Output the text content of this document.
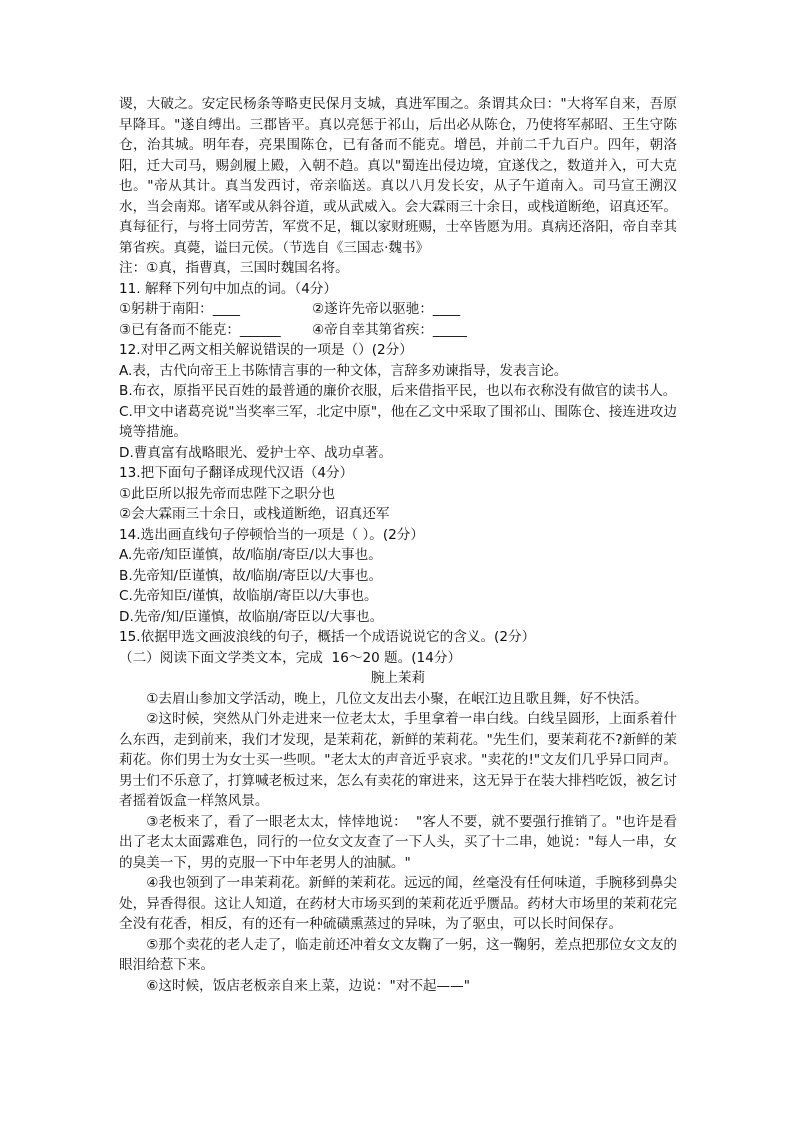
谡，大破之。安定民杨条等略吏民保月支城，真进军围之。条谓其众曰："大将军自来，吾原早降耳。"遂自缚出。三郡皆平。真以亮惩于祁山，后出必从陈仓，乃使将军郝昭、王生守陈仓，治其城。明年春，亮果围陈仓，已有备而不能克。增邑，并前二千九百户。四年，朝洛阳，迁大司马，赐剑履上殿，入朝不趋。真以"蜀连出侵边境，宜遂伐之，数道并入，可大克也。"帝从其计。真当发西讨，帝亲临送。真以八月发长安，从子午道南入。司马宣王溯汉水，当会南郑。诸军或从斜谷道，或从武威入。会大霖雨三十余日，或栈道断绝，诏真还军。真每征行，与将士同劳苦，军赏不足，辄以家财班赐，士卒皆愿为用。真病还洛阳，帝自幸其第省疾。真薨，谥曰元侯。（节选自《三国志·魏书》

注：①真，指曹真，三国时魏国名将。

11. 解释下列句中加点的词。（4分）

①躬耕于南阳：____	②遂许先帝以驱驰：____
③已有备而不能克：______	④帝自幸其第省疾：_____

12.对甲乙两文相关解说错误的一项是（）(2分）

A.表，古代向帝王上书陈情言事的一种文体，言辞多劝谏指导，发表言论。

B.布衣，原指平民百姓的最普通的廉价衣服，后来借指平民，也以布衣称没有做官的读书人。

C.甲文中诸葛亮说"当奖率三军，北定中原"，他在乙文中采取了围祁山、围陈仓、接连进攻边境等措施。

D.曹真富有战略眼光、爱护士卒、战功卓著。

13.把下面句子翻译成现代汉语（4分）

①此臣所以报先帝而忠陛下之职分也

②会大霖雨三十余日，或栈道断绝，诏真还军

14.选出画直线句子停顿恰当的一项是（ ）。(2分）

A.先帝/知臣谨慎，故/临崩/寄臣/以大事也。

B.先帝知/臣谨慎，故/临崩/寄臣以/大事也。

C.先帝知臣/谨慎，故临崩/寄臣以/大事也。

D.先帝/知/臣谨慎，故临崩/寄臣以/大事也。

15.依据甲选文画波浪线的句子，概括一个成语说说它的含义。(2分）

（二）阅读下面文学类文本，完成  16～20 题。(14分）

腕上茉莉

①去眉山参加文学活动，晚上，几位文友出去小聚，在岷江边且歌且舞，好不快活。

②这时候，突然从门外走进来一位老太太，手里拿着一串白线。白线呈圆形，上面系着什么东西，走到前来，我们才发现，是茉莉花，新鲜的茉莉花。"先生们，要茉莉花不?新鲜的茉莉花。你们男士为女士买一些呗。"老太太的声音近乎哀求。"卖花的!"文友们几乎异口同声。男士们不乐意了，打算喊老板过来，怎么有卖花的窜进来，这无异于在装大排档吃饭，被乞讨者摇着饭盒一样煞风景。

③老板来了，看了一眼老太太，悻悻地说：  "客人不要，就不要强行推销了。"也许是看出了老太太面露难色，同行的一位女文友查了一下人头，买了十二串，她说："每人一串，女的臭美一下，男的克服一下中年老男人的油腻。"

④我也领到了一串茉莉花。新鲜的茉莉花。远远的闻，丝毫没有任何味道，手腕移到鼻尖处，异香得很。这让人知道，在药材大市场买到的茉莉花近乎赝品。药材大市场里的茉莉花完全没有花香，相反，有的还有一种硫磺熏蒸过的异味，为了驱虫，可以长时间保存。

⑤那个卖花的老人走了，临走前还冲着女文友鞠了一躬，这一鞠躬，差点把那位女文友的眼泪给惹下来。

⑥这时候，饭店老板亲自来上菜，边说："对不起——"
